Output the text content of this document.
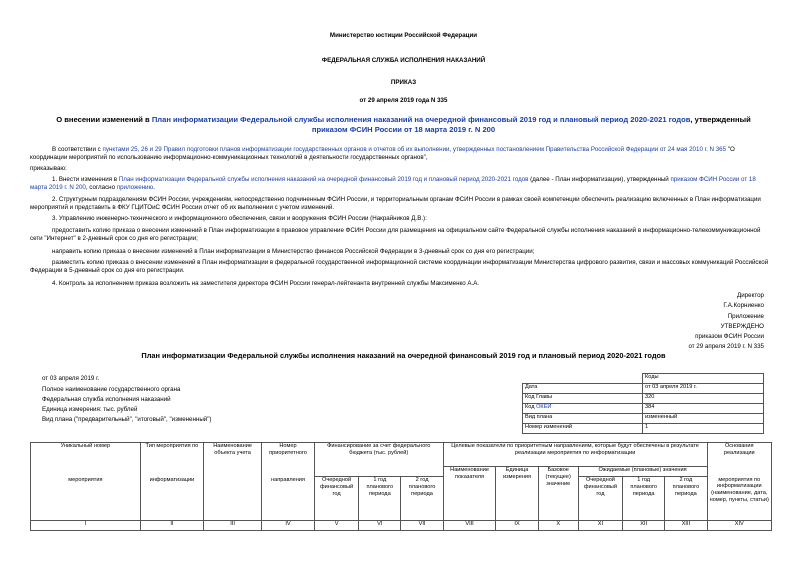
Министерство юстиции Российской Федерации
ФЕДЕРАЛЬНАЯ СЛУЖБА ИСПОЛНЕНИЯ НАКАЗАНИЙ
ПРИКАЗ
от 29 апреля 2019 года N 335
О внесении изменений в План информатизации Федеральной службы исполнения наказаний на очередной финансовый 2019 год и плановый период 2020-2021 годов, утвержденный приказом ФСИН России от 18 марта 2019 г. N 200
В соответствии с пунктами 25, 26 и 29 Правил подготовки планов информатизации государственных органов и отчетов об их выполнении, утвержденных постановлением Правительства Российской Федерации от 24 мая 2010 г. N 365 "О координации мероприятий по использованию информационно-коммуникационных технологий в деятельности государственных органов",
приказываю:
1. Внести изменения в План информатизации Федеральной службы исполнения наказаний на очередной финансовый 2019 год и плановый период 2020-2021 годов (далее - План информатизации), утвержденный приказом ФСИН России от 18 марта 2019 г. N 200, согласно приложению.
2. Структурным подразделениям ФСИН России, учреждениям, непосредственно подчиненным ФСИН России, и территориальным органам ФСИН России в рамках своей компетенции обеспечить реализацию включенных в План информатизации мероприятий и представить в ФКУ ГЦИТОиС ФСИН России отчет об их выполнении с учетом изменений.
3. Управлению инженерно-технического и информационного обеспечения, связи и вооружения ФСИН России (Накрайников Д.В.):
предоставить копию приказа о внесении изменений в План информатизации в правовое управление ФСИН России для размещения на официальном сайте Федеральной службы исполнения наказаний в информационно-телекоммуникационной сети "Интернет" в 2-дневный срок со дня его регистрации;
направить копию приказа о внесении изменений в План информатизации в Министерство финансов Российской Федерации в 3-дневный срок со дня его регистрации;
разместить копию приказа о внесении изменений в План информатизации в федеральной государственной информационной системе координации информатизации Министерства цифрового развития, связи и массовых коммуникаций Российской Федерации в 5-дневный срок со дня его регистрации.
4. Контроль за исполнением приказа возложить на заместителя директора ФСИН России генерал-лейтенанта внутренней службы Максименко А.А.
Директор
Г.А.Корниенко
Приложение
УТВЕРЖДЕНО
приказом ФСИН России
от 29 апреля 2019 г. N 335
План информатизации Федеральной службы исполнения наказаний на очередной финансовый 2019 год и плановый период 2020-2021 годов
от 03 апреля 2019 г.
Полное наименование государственного органа
Федеральная служба исполнения наказаний
Единица измерения: тыс. рублей
Вид плана ("предварительный", "итоговый", "измененный")
	Коды
Дата	от 03 апреля 2019 г.
Код Главы	320
Код ОКЕИ	384
Вид плана	измененный
Номер изменений	1
Уникальный номер	Тип мероприятия по	Наименование объекта учета	Номер приоритетного	Финансирование за счет федерального бюджета (тыс. рублей)			Целевые показатели по приоритетным направлениям, которые будут обеспечены в результате реализации мероприятия по информатизации						Основания реализации
							Наименование показателя	Единица измерения	Базовое (текущее) значение	Ожидаемые (плановые) значения			
мероприятия	информатизации		направления	Очередной финансовый год	1 год планового периода	2 год планового периода				Очередной финансовый год	1 год планового периода	2 год планового периода	мероприятия по информатизации (наименование, дата, номер, пункты, статьи)
I	II	III	IV	V	VI	VII	VIII	IX	X	XI	XII	XIII	XIV
